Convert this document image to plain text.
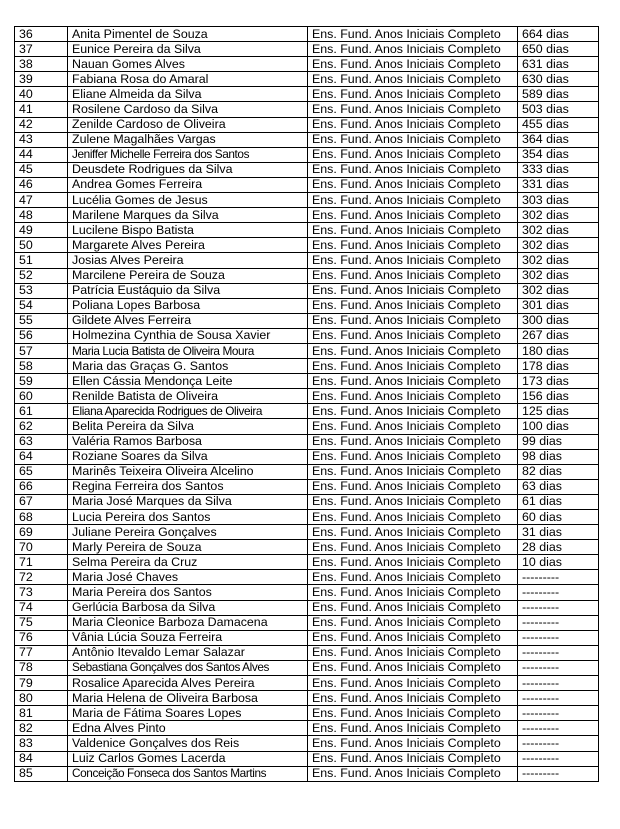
36	Anita Pimentel de Souza	Ens. Fund. Anos Iniciais Completo	664 dias
37	Eunice Pereira da Silva	Ens. Fund. Anos Iniciais Completo	650 dias
38	Nauan Gomes Alves	Ens. Fund. Anos Iniciais Completo	631 dias
39	Fabiana Rosa do Amaral	Ens. Fund. Anos Iniciais Completo	630 dias
40	Eliane Almeida da Silva	Ens. Fund. Anos Iniciais Completo	589 dias
41	Rosilene Cardoso da Silva	Ens. Fund. Anos Iniciais Completo	503 dias
42	Zenilde Cardoso de Oliveira	Ens. Fund. Anos Iniciais Completo	455 dias
43	Zulene Magalhães Vargas	Ens. Fund. Anos Iniciais Completo	364 dias
44	Jeniffer Michelle Ferreira dos Santos	Ens. Fund. Anos Iniciais Completo	354 dias
45	Deusdete Rodrigues da Silva	Ens. Fund. Anos Iniciais Completo	333 dias
46	Andrea Gomes Ferreira	Ens. Fund. Anos Iniciais Completo	331 dias
47	Lucélia Gomes de Jesus	Ens. Fund. Anos Iniciais Completo	303 dias
48	Marilene Marques da Silva	Ens. Fund. Anos Iniciais Completo	302 dias
49	Lucilene Bispo Batista	Ens. Fund. Anos Iniciais Completo	302 dias
50	Margarete Alves Pereira	Ens. Fund. Anos Iniciais Completo	302 dias
51	Josias Alves Pereira	Ens. Fund. Anos Iniciais Completo	302 dias
52	Marcilene Pereira de Souza	Ens. Fund. Anos Iniciais Completo	302 dias
53	Patrícia Eustáquio da Silva	Ens. Fund. Anos Iniciais Completo	302 dias
54	Poliana Lopes Barbosa	Ens. Fund. Anos Iniciais Completo	301 dias
55	Gildete Alves Ferreira	Ens. Fund. Anos Iniciais Completo	300 dias
56	Holmezina Cynthia de Sousa Xavier	Ens. Fund. Anos Iniciais Completo	267 dias
57	Maria Lucia Batista de Oliveira Moura	Ens. Fund. Anos Iniciais Completo	180 dias
58	Maria das Graças G. Santos	Ens. Fund. Anos Iniciais Completo	178 dias
59	Ellen Cássia Mendonça Leite	Ens. Fund. Anos Iniciais Completo	173 dias
60	Renilde Batista de Oliveira	Ens. Fund. Anos Iniciais Completo	156 dias
61	Eliana Aparecida Rodrigues de Oliveira	Ens. Fund. Anos Iniciais Completo	125 dias
62	Belita Pereira da Silva	Ens. Fund. Anos Iniciais Completo	100 dias
63	Valéria Ramos Barbosa	Ens. Fund. Anos Iniciais Completo	99 dias
64	Roziane Soares da Silva	Ens. Fund. Anos Iniciais Completo	98 dias
65	Marinês Teixeira Oliveira Alcelino	Ens. Fund. Anos Iniciais Completo	82 dias
66	Regina Ferreira dos Santos	Ens. Fund. Anos Iniciais Completo	63 dias
67	Maria José Marques da Silva	Ens. Fund. Anos Iniciais Completo	61 dias
68	Lucia Pereira dos Santos	Ens. Fund. Anos Iniciais Completo	60 dias
69	Juliane Pereira Gonçalves	Ens. Fund. Anos Iniciais Completo	31 dias
70	Marly Pereira de Souza	Ens. Fund. Anos Iniciais Completo	28 dias
71	Selma Pereira da Cruz	Ens. Fund. Anos Iniciais Completo	10 dias
72	Maria José Chaves	Ens. Fund. Anos Iniciais Completo	---------
73	Maria Pereira dos Santos	Ens. Fund. Anos Iniciais Completo	---------
74	Gerlúcia Barbosa da Silva	Ens. Fund. Anos Iniciais Completo	---------
75	Maria Cleonice Barboza Damacena	Ens. Fund. Anos Iniciais Completo	---------
76	Vânia Lúcia Souza Ferreira	Ens. Fund. Anos Iniciais Completo	---------
77	Antônio Itevaldo Lemar Salazar	Ens. Fund. Anos Iniciais Completo	---------
78	Sebastiana Gonçalves dos Santos Alves	Ens. Fund. Anos Iniciais Completo	---------
79	Rosalice Aparecida Alves Pereira	Ens. Fund. Anos Iniciais Completo	---------
80	Maria Helena de Oliveira Barbosa	Ens. Fund. Anos Iniciais Completo	---------
81	Maria de Fátima Soares Lopes	Ens. Fund. Anos Iniciais Completo	---------
82	Edna Alves Pinto	Ens. Fund. Anos Iniciais Completo	---------
83	Valdenice Gonçalves dos Reis	Ens. Fund. Anos Iniciais Completo	---------
84	Luiz Carlos Gomes Lacerda	Ens. Fund. Anos Iniciais Completo	---------
85	Conceição Fonseca dos Santos Martins	Ens. Fund. Anos Iniciais Completo	---------
